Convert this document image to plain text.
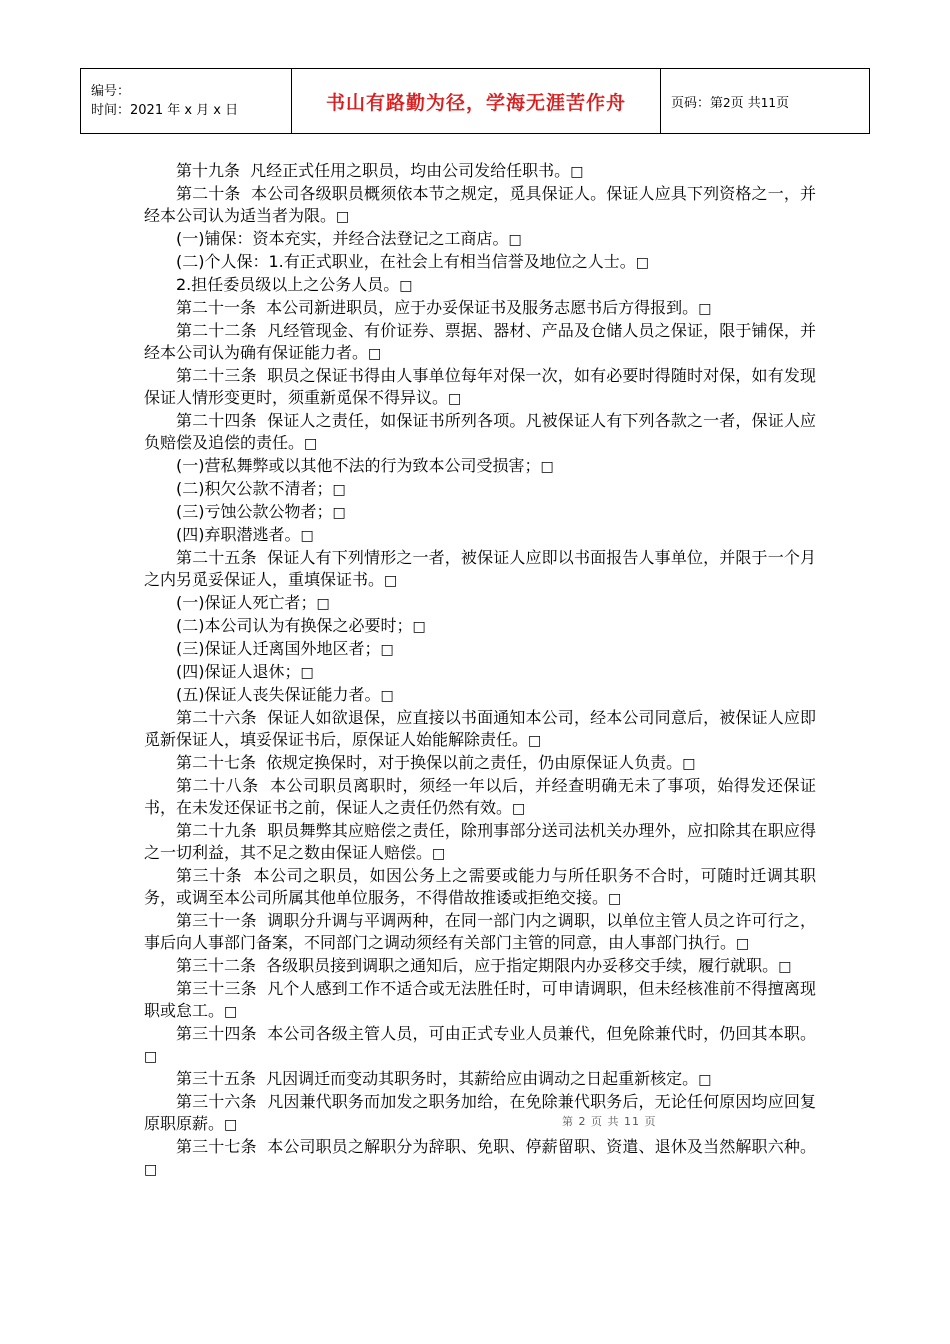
编号：
时间：2021 年 x 月 x 日	书山有路勤为径，学海无涯苦作舟	页码：第2页 共11页

第十九条  凡经正式任用之职员，均由公司发给任职书。□

第二十条  本公司各级职员概须依本节之规定，觅具保证人。保证人应具下列资格之一，并经本公司认为适当者为限。□

(一)铺保：资本充实，并经合法登记之工商店。□

(二)个人保：1.有正式职业，在社会上有相当信誉及地位之人士。□

2.担任委员级以上之公务人员。□

第二十一条  本公司新进职员，应于办妥保证书及服务志愿书后方得报到。□

第二十二条  凡经管现金、有价证券、票据、器材、产品及仓储人员之保证，限于铺保，并经本公司认为确有保证能力者。□

第二十三条  职员之保证书得由人事单位每年对保一次，如有必要时得随时对保，如有发现保证人情形变更时，须重新觅保不得异议。□

第二十四条  保证人之责任，如保证书所列各项。凡被保证人有下列各款之一者，保证人应负赔偿及追偿的责任。□

(一)营私舞弊或以其他不法的行为致本公司受损害；□

(二)积欠公款不清者；□

(三)亏蚀公款公物者；□

(四)弃职潜逃者。□

第二十五条  保证人有下列情形之一者，被保证人应即以书面报告人事单位，并限于一个月之内另觅妥保证人，重填保证书。□

(一)保证人死亡者；□

(二)本公司认为有换保之必要时；□

(三)保证人迁离国外地区者；□

(四)保证人退休；□

(五)保证人丧失保证能力者。□

第二十六条  保证人如欲退保，应直接以书面通知本公司，经本公司同意后，被保证人应即觅新保证人，填妥保证书后，原保证人始能解除责任。□

第二十七条  依规定换保时，对于换保以前之责任，仍由原保证人负责。□

第二十八条  本公司职员离职时，须经一年以后，并经查明确无未了事项，始得发还保证书，在未发还保证书之前，保证人之责任仍然有效。□

第二十九条  职员舞弊其应赔偿之责任，除刑事部分送司法机关办理外，应扣除其在职应得之一切利益，其不足之数由保证人赔偿。□

第三十条  本公司之职员，如因公务上之需要或能力与所任职务不合时，可随时迁调其职务，或调至本公司所属其他单位服务，不得借故推诿或拒绝交接。□

第三十一条  调职分升调与平调两种，在同一部门内之调职，以单位主管人员之许可行之，事后向人事部门备案，不同部门之调动须经有关部门主管的同意，由人事部门执行。□

第三十二条  各级职员接到调职之通知后，应于指定期限内办妥移交手续，履行就职。□

第三十三条  凡个人感到工作不适合或无法胜任时，可申请调职，但未经核准前不得擅离现职或怠工。□

第三十四条  本公司各级主管人员，可由正式专业人员兼代，但免除兼代时，仍回其本职。□

第三十五条  凡因调迁而变动其职务时，其薪给应由调动之日起重新核定。□

第三十六条  凡因兼代职务而加发之职务加给，在免除兼代职务后，无论任何原因均应回复原职原薪。□

第三十七条  本公司职员之解职分为辞职、免职、停薪留职、资遣、退休及当然解职六种。□

第 2 页 共 11 页
